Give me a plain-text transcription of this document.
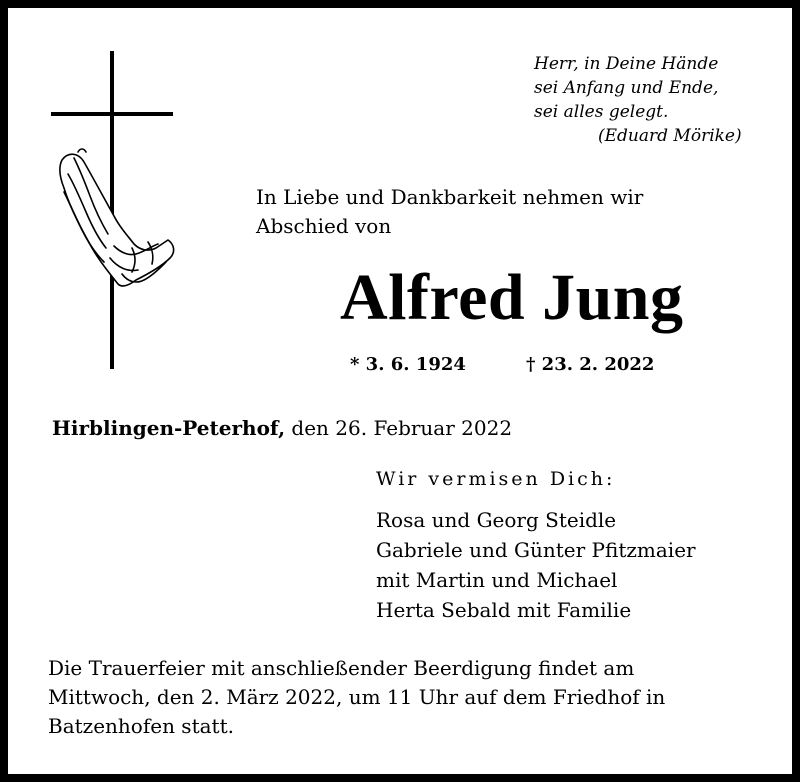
Herr, in Deine Hände
sei Anfang und Ende,
sei alles gelegt.
(Eduard Mörike)
In Liebe und Dankbarkeit nehmen wir
Abschied von
Alfred Jung
* 3. 6. 1924	† 23. 2. 2022
Hirblingen-Peterhof, den 26. Februar 2022
Wir vermisen Dich:
Rosa und Georg Steidle
Gabriele und Günter Pfitzmaier
mit Martin und Michael
Herta Sebald mit Familie
Die Trauerfeier mit anschließender Beerdigung findet am
Mittwoch, den 2. März 2022, um 11 Uhr auf dem Friedhof in
Batzenhofen statt.
